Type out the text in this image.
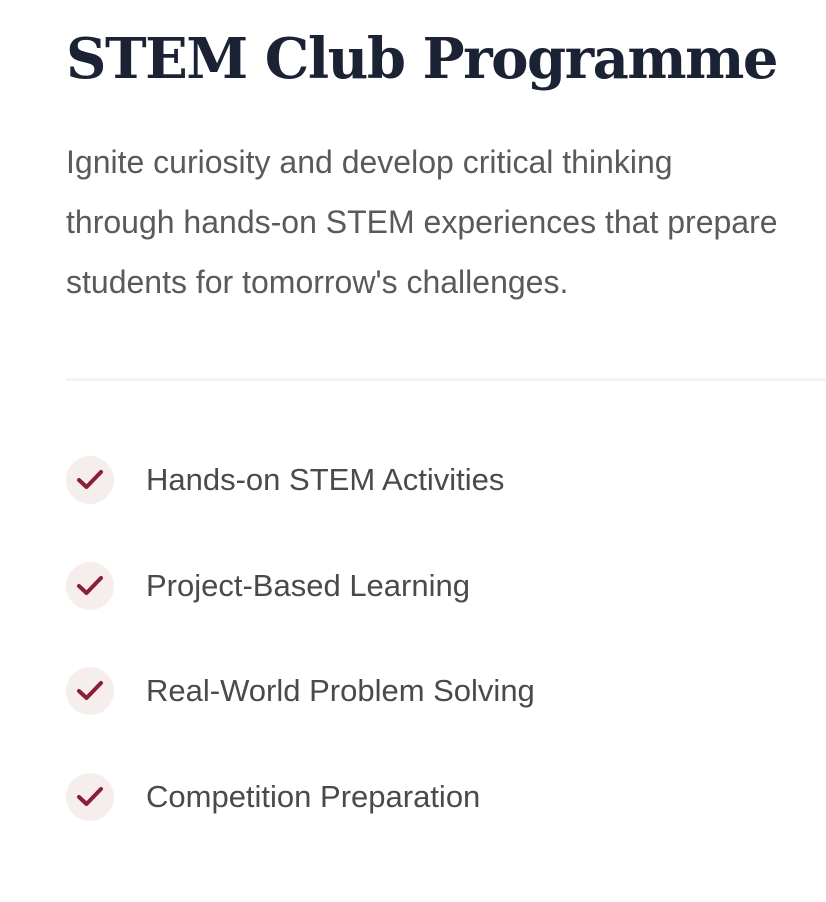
STEM Club Programme

Ignite curiosity and develop critical thinking through hands-on STEM experiences that prepare students for tomorrow's challenges.

Hands-on STEM Activities
Project-Based Learning
Real-World Problem Solving
Competition Preparation
